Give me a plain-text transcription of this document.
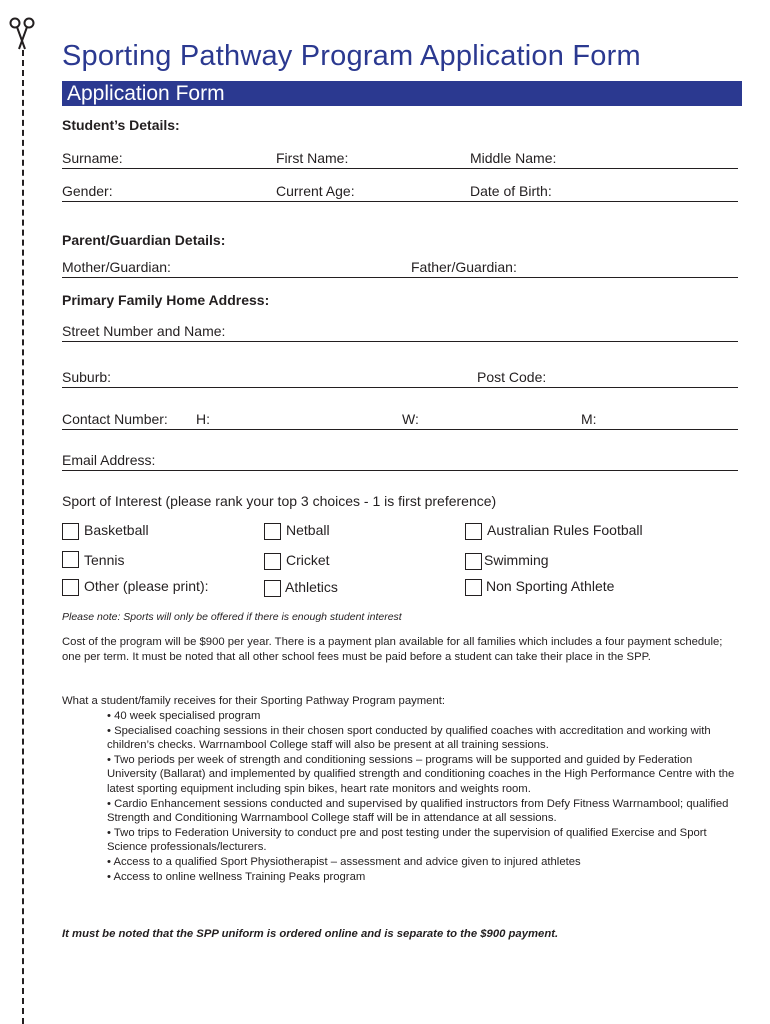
Sporting Pathway Program Application Form
Application Form
Student’s Details:
Surname:	First Name:	Middle Name:
Gender:	Current Age:	Date of Birth:
Parent/Guardian Details:
Mother/Guardian:	Father/Guardian:
Primary Family Home Address:
Street Number and Name:
Suburb:	Post Code:
Contact Number: H:	W:	M:
Email Address:
Sport of Interest (please rank your top 3 choices - 1 is first preference)
Basketball	Netball	Australian Rules Football
Tennis	Cricket	Swimming
Other (please print):	Athletics	Non Sporting Athlete
Please note: Sports will only be offered if there is enough student interest
Cost of the program will be $900 per year. There is a payment plan available for all families which includes a four payment schedule; one per term. It must be noted that all other school fees must be paid before a student can take their place in the SPP.
What a student/family receives for their Sporting Pathway Program payment:
• 40 week specialised program
• Specialised coaching sessions in their chosen sport conducted by qualified coaches with accreditation and working with children’s checks. Warrnambool College staff will also be present at all training sessions.
• Two periods per week of strength and conditioning sessions – programs will be supported and guided by Federation University (Ballarat) and implemented by qualified strength and conditioning coaches in the High Performance Centre with the latest sporting equipment including spin bikes, heart rate monitors and weights room.
• Cardio Enhancement sessions conducted and supervised by qualified instructors from Defy Fitness Warrnambool; qualified Strength and Conditioning Warrnambool College staff will be in attendance at all sessions.
• Two trips to Federation University to conduct pre and post testing under the supervision of qualified Exercise and Sport Science professionals/lecturers.
• Access to a qualified Sport Physiotherapist – assessment and advice given to injured athletes
• Access to online wellness Training Peaks program
It must be noted that the SPP uniform is ordered online and is separate to the $900 payment.
